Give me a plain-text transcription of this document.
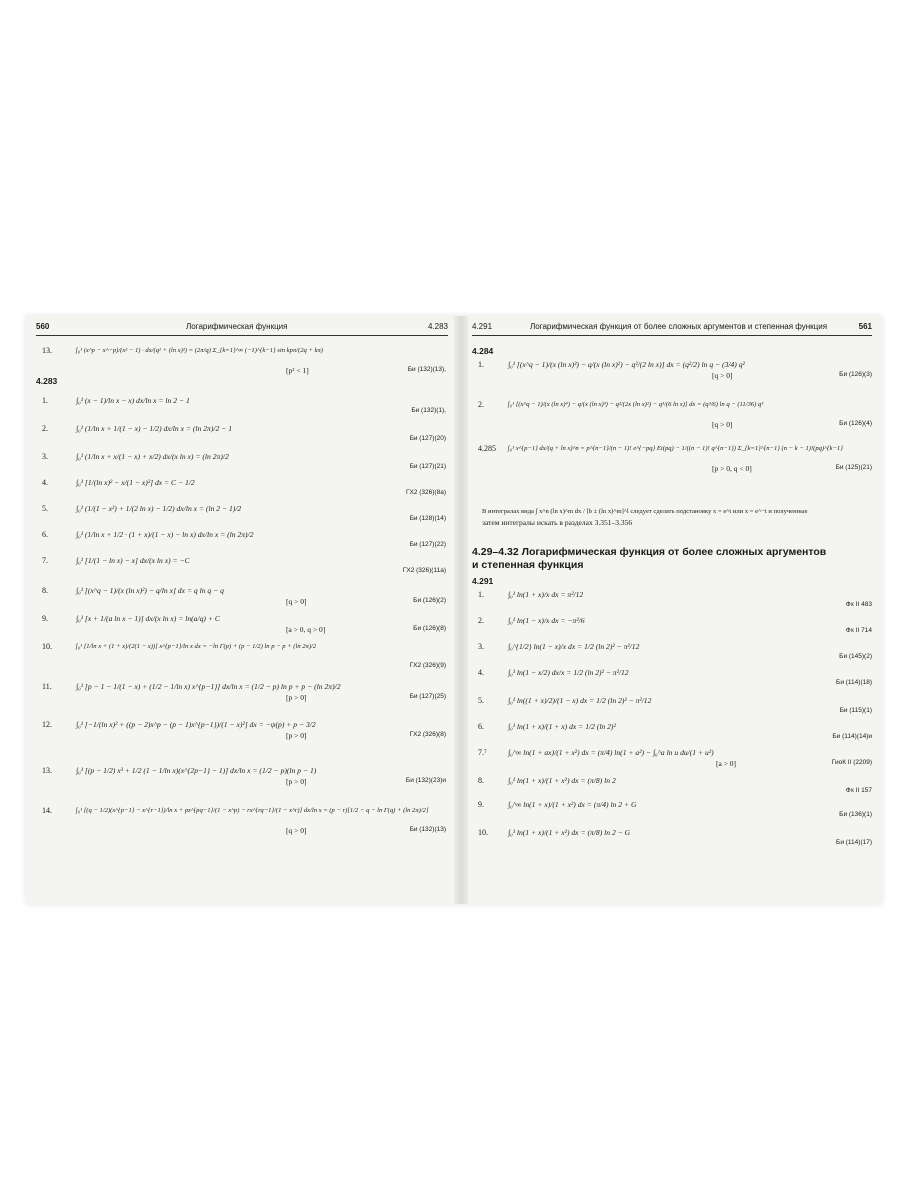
560	Логарифмическая функция	4.283
13.	∫₀¹ (x^p − x^−p)/(x² − 1) · dx/(q² + (ln x)²) = (2π/q) Σ_{k=1}^∞ (−1)^{k−1} sin kpπ/(2q + kπ)
[p² < 1]	Би (132)(13),
4.283
1.	∫₀¹ (x − 1)/ln x − x) dx/ln x = ln 2 − 1
Би (132)(1),
2.	∫₀¹ (1/ln x + 1/(1 − x) − 1/2) dx/ln x = (ln 2π)/2 − 1
Би (127)(20)
3.	∫₀¹ (1/ln x + x/(1 − x) + x/2) dx/(x ln x) = (ln 2π)/2
Би (127)(21)
4.	∫₀¹ [1/(ln x)² − x/(1 − x)²] dx = C − 1/2
ГХ2 (326)(8a)
5.	∫₀¹ (1/(1 − x²) + 1/(2 ln x) − 1/2) dx/ln x = (ln 2 − 1)/2
Би (128)(14)
6.	∫₀¹ (1/ln x + 1/2 · (1 + x)/(1 − x) − ln x) dx/ln x = (ln 2π)/2
Би (127)(22)
7.	∫₀¹ [1/(1 − ln x) − x] dx/(x ln x) = −C
ГХ2 (326)(11a)
8.	∫₀¹ [(x^q − 1)/(x (ln x)²) − q/ln x] dx = q ln q − q
[q > 0]	Би (126)(2)
9.	∫₀¹ [x + 1/(a ln x − 1)] dx/(x ln x) = ln(a/q) + C
[a > 0, q > 0]	Би (126)(8)
10.	∫₀¹ [1/ln x + (1 + x)/(2(1 − x))] x^{p−1}/ln x dx = −ln Γ(p) + (p − 1/2) ln p − p + (ln 2π)/2
ГХ2 (326)(9)
11.	∫₀¹ [p − 1 − 1/(1 − x) + (1/2 − 1/ln x) x^{p−1}] dx/ln x = (1/2 − p) ln p + p − (ln 2π)/2
[p > 0]	Би (127)(25)
12.	∫₀¹ [−1/(ln x)² + ((p − 2)x^p − (p − 1)x^{p−1})/(1 − x)²] dx = −ψ(p) + p − 3/2
[p > 0]	ГХ2 (326)(8)
13.	∫₀¹ [(p − 1/2) x³ + 1/2 (1 − 1/ln x)(x^{2p−1} − 1)] dx/ln x = (1/2 − p)(ln p − 1)
[p > 0]	Би (132)(23)и
14.	∫₀¹ [(q − 1/2)(x^{p−1} − x^{r−1})/ln x + pz^{pq−1}/(1 − x^p) − rx^{rq−1}/(1 − x^r)] dx/ln x = (p − r)[1/2 − q − ln Γ(q) + (ln 2π)/2]
[q > 0]	Би (132)(13)
4.291	Логарифмическая функция от более сложных аргументов и степенная функция	561
4.284
1.	∫₀¹ [(x^q − 1)/(x (ln x)³) − q/(x (ln x)²) − q²/(2 ln x)] dx = (q²/2) ln q − (3/4) q²
[q > 0]	Би (126)(3)
2.	∫₀¹ [(x^q − 1)/(x (ln x)⁴) − q/(x (ln x)³) − q²/(2x (ln x)²) − q³/(6 ln x)] dx = (q³/6) ln q − (11/36) q³
[q > 0]	Би (126)(4)
4.285 ∫₀¹ x^{p−1} dx/(q + ln x)^n = p^{n−1}/(n − 1)! e^{−pq} Ei(pq) − 1/((n − 1)! q^{n−1}) Σ_{k=1}^{n−1} (n − k − 1)!(pq)^{k−1}
[p > 0, q < 0]	Би (125)(21)
В интегралах вида ∫ x^n (ln x)^m dx / [b ± (ln x)^m]^l следует сделать подстановку x = e^t или x = e^−t и полученные
затем интегралы искать в разделах 3.351–3.356
4.29–4.32 Логарифмическая функция от более сложных аргументов
и степенная функция
4.291
1.	∫₀¹ ln(1 + x)/x dx = π²/12
Фх II 483
2.	∫₀¹ ln(1 − x)/x dx = −π²/6
Фх II 714
3.	∫₀^{1/2} ln(1 − x)/x dx = 1/2 (ln 2)² − π²/12
Би (145)(2)
4.	∫₀¹ ln(1 − x/2) dx/x = 1/2 (ln 2)² − π²/12
Би (114)(18)
5.	∫₀¹ ln((1 + x)/2)/(1 − x) dx = 1/2 (ln 2)² − π²/12
Би (115)(1)
6.	∫₀¹ ln(1 + x)/(1 + x) dx = 1/2 (ln 2)²
Би (114)(14)и
7.⁷	∫₀^∞ ln(1 + ax)/(1 + x²) dx = (π/4) ln(1 + a²) − ∫₀^a ln u du/(1 + u²)
[a > 0]	ГиоК II (2209)
8.	∫₀¹ ln(1 + x)/(1 + x²) dx = (π/8) ln 2
Фх II 157
9.	∫₀^∞ ln(1 + x)/(1 + x²) dx = (π/4) ln 2 + G
Би (136)(1)
10.	∫₀¹ ln(1 + x)/(1 + x²) dx = (π/8) ln 2 − G
Би (114)(17)
